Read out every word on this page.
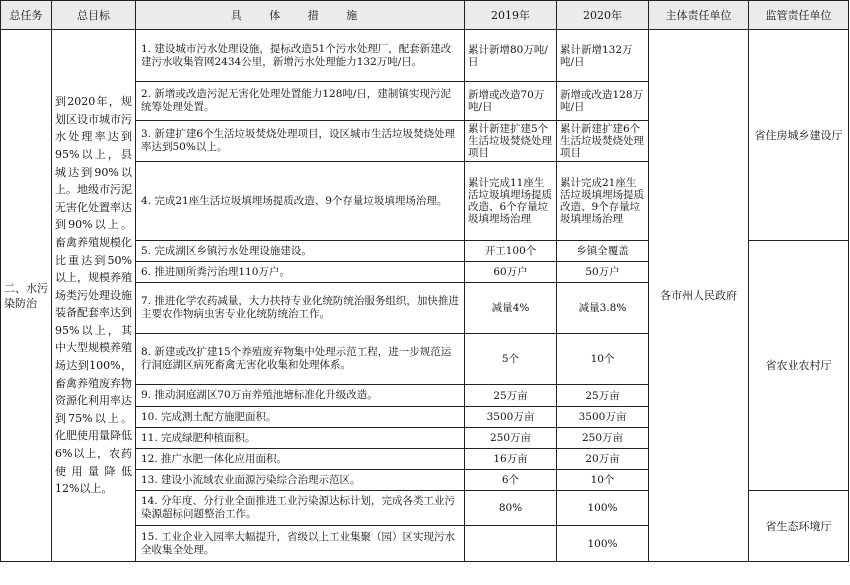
总任务	总目标	具 体 措 施	2019年	2020年	主体责任单位	监管责任单位
二、水污染防治	到2020年，规划区设市城市污水处理率达到95%以上，县城达到90%以上。地级市污泥无害化处置率达到90%以上。畜禽养殖规模化比重达到50%以上，规模养殖场类污处理设施装备配套率达到95%以上，其中大型规模养殖场达到100%，畜禽养殖废弃物资源化利用率达到75%以上。化肥使用量降低6%以上，农药使用量降低12%以上。	1. 建设城市污水处理设施，提标改造51个污水处理厂，配套新建改建污水收集管网2434公里，新增污水处理能力132万吨/日。	累计新增80万吨/日	累计新增132万吨/日	各市州人民政府	省住房城乡建设厅
		2. 新增或改造污泥无害化处理处置能力128吨/日，建制镇实现污泥统筹处理处置。	新增或改造70万吨/日	新增或改造128万吨/日		
		3. 新建扩建6个生活垃圾焚烧处理项目，设区城市生活垃圾焚烧处理率达到50%以上。	累计新建扩建5个生活垃圾焚烧处理项目	累计新建扩建6个生活垃圾焚烧处理项目		
		4. 完成21座生活垃圾填埋场提质改造、9个存量垃圾填埋场治理。	累计完成11座生活垃圾填埋场提质改造、6个存量垃圾填埋场治理	累计完成21座生活垃圾填埋场提质改造、9个存量垃圾填埋场治理		
		5. 完成湖区乡镇污水处理设施建设。	开工100个	乡镇全覆盖		省农业农村厅
		6. 推进厕所粪污治理110万户。	60万户	50万户		
		7. 推进化学农药减量，大力扶持专业化统防统治服务组织，加快推进主要农作物病虫害专业化统防统治工作。	减量4%	减量3.8%		
		8. 新建或改扩建15个养殖废弃物集中处理示范工程，进一步规范运行洞庭湖区病死畜禽无害化收集和处理体系。	5个	10个		
		9. 推动洞庭湖区70万亩养殖池塘标准化升级改造。	25万亩	25万亩		
		10. 完成测土配方施肥面积。	3500万亩	3500万亩		
		11. 完成绿肥种植面积。	250万亩	250万亩		
		12. 推广水肥一体化应用面积。	16万亩	20万亩		
		13. 建设小流域农业面源污染综合治理示范区。	6个	10个		
		14. 分年度、分行业全面推进工业污染源达标计划，完成各类工业污染源超标问题整治工作。	80%	100%		省生态环境厅
		15. 工业企业入园率大幅提升，省级以上工业集聚（园）区实现污水全收集全处理。		100%		
